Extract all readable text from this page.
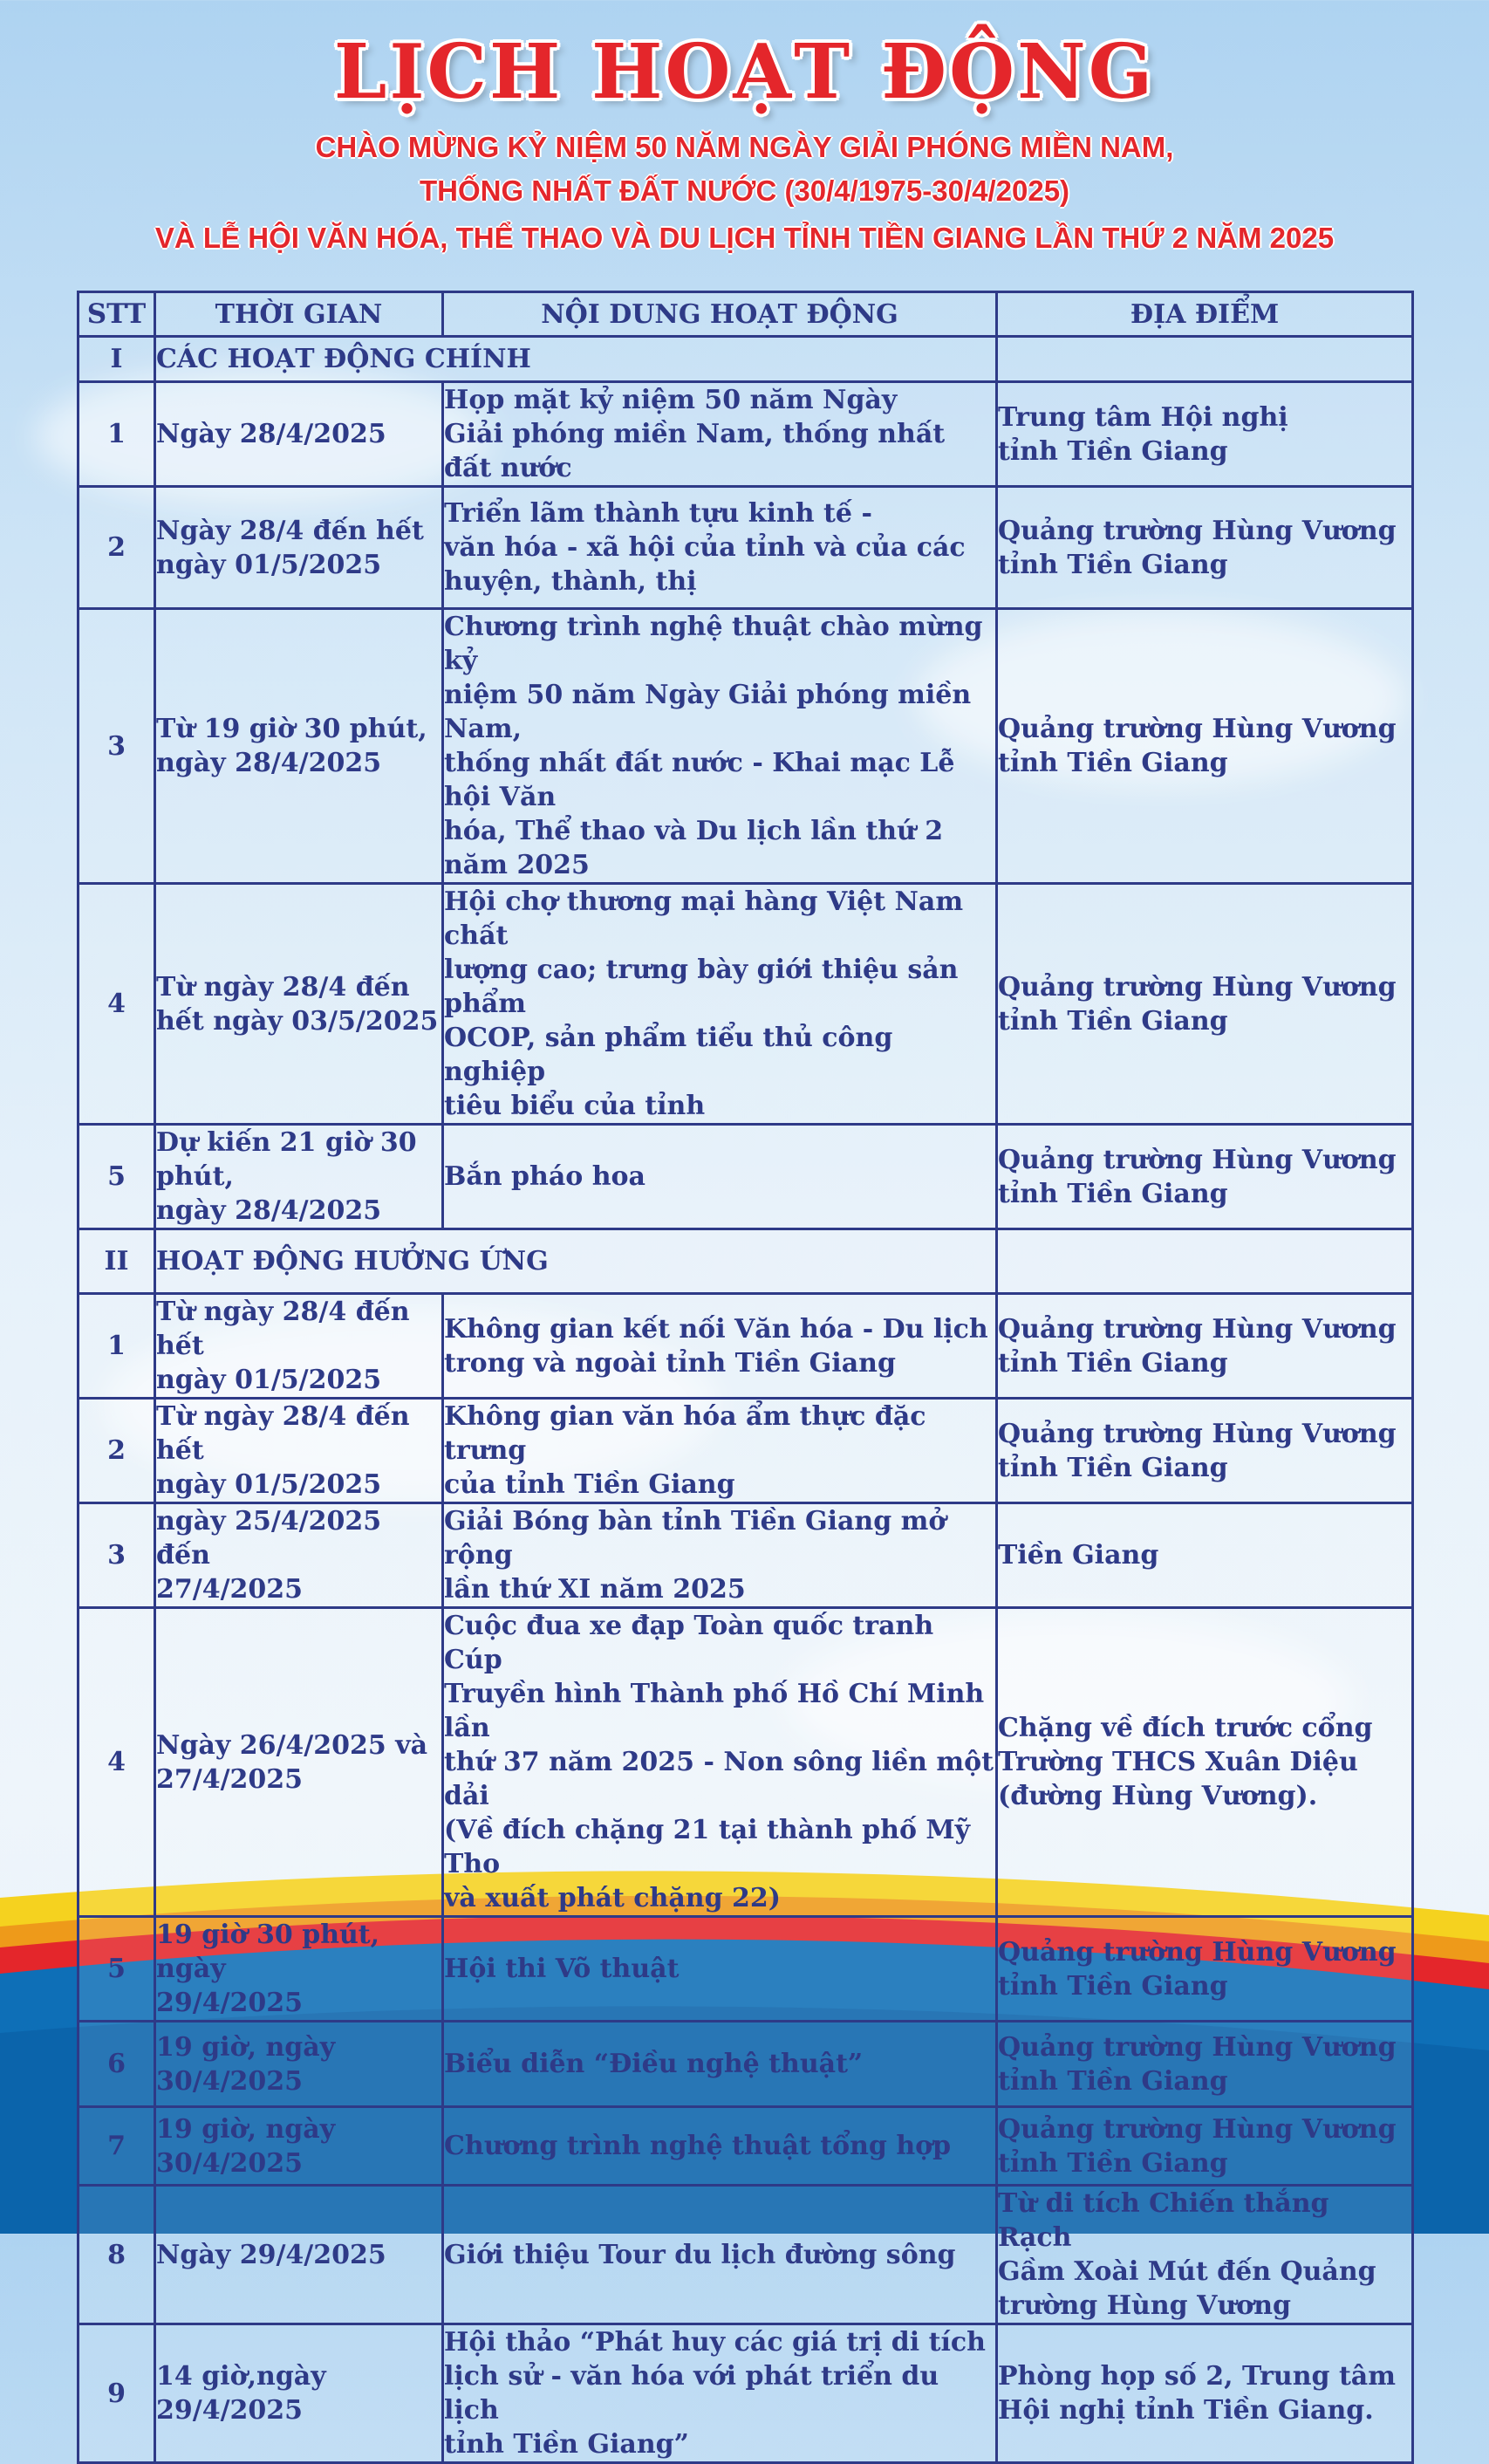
LỊCH HOẠT ĐỘNG
CHÀO MỪNG KỶ NIỆM 50 NĂM NGÀY GIẢI PHÓNG MIỀN NAM,
THỐNG NHẤT ĐẤT NƯỚC (30/4/1975-30/4/2025)
VÀ LỄ HỘI VĂN HÓA, THỂ THAO VÀ DU LỊCH TỈNH TIỀN GIANG LẦN THỨ 2 NĂM 2025
STT	THỜI GIAN	NỘI DUNG HOẠT ĐỘNG	ĐỊA ĐIỂM
I	CÁC HOẠT ĐỘNG CHÍNH		
1	Ngày 28/4/2025	Họp mặt kỷ niệm 50 năm Ngày
Giải phóng miền Nam, thống nhất đất nước	Trung tâm Hội nghị
tỉnh Tiền Giang
2	Ngày 28/4 đến hết
ngày 01/5/2025	Triển lãm thành tựu kinh tế -
văn hóa - xã hội của tỉnh và của các
huyện, thành, thị	Quảng trường Hùng Vương
tỉnh Tiền Giang
3	Từ 19 giờ 30 phút,
ngày 28/4/2025	Chương trình nghệ thuật chào mừng kỷ
niệm 50 năm Ngày Giải phóng miền Nam,
thống nhất đất nước - Khai mạc Lễ hội Văn
hóa, Thể thao và Du lịch lần thứ 2 năm 2025	Quảng trường Hùng Vương
tỉnh Tiền Giang
4	Từ ngày 28/4 đến
hết ngày 03/5/2025	Hội chợ thương mại hàng Việt Nam chất
lượng cao; trưng bày giới thiệu sản phẩm
OCOP, sản phẩm tiểu thủ công nghiệp
tiêu biểu của tỉnh	Quảng trường Hùng Vương
tỉnh Tiền Giang
5	Dự kiến 21 giờ 30 phút,
ngày 28/4/2025	Bắn pháo hoa	Quảng trường Hùng Vương
tỉnh Tiền Giang
II	HOẠT ĐỘNG HƯỞNG ỨNG		
1	Từ ngày 28/4 đến hết
ngày 01/5/2025	Không gian kết nối Văn hóa - Du lịch
trong và ngoài tỉnh Tiền Giang	Quảng trường Hùng Vương
tỉnh Tiền Giang
2	Từ ngày 28/4 đến hết
ngày 01/5/2025	Không gian văn hóa ẩm thực đặc trưng
của tỉnh Tiền Giang	Quảng trường Hùng Vương
tỉnh Tiền Giang
3	ngày 25/4/2025 đến
27/4/2025	Giải Bóng bàn tỉnh Tiền Giang mở rộng
lần thứ XI năm 2025	Tiền Giang
4	Ngày 26/4/2025 và
27/4/2025	Cuộc đua xe đạp Toàn quốc tranh Cúp
Truyền hình Thành phố Hồ Chí Minh lần
thứ 37 năm 2025 - Non sông liền một dải
(Về đích chặng 21 tại thành phố Mỹ Tho
và xuất phát chặng 22)	Chặng về đích trước cổng
Trường THCS Xuân Diệu
(đường Hùng Vương).
5	19 giờ 30 phút, ngày
29/4/2025	Hội thi Võ thuật	Quảng trường Hùng Vương
tỉnh Tiền Giang
6	19 giờ, ngày 30/4/2025	Biểu diễn “Điều nghệ thuật”	Quảng trường Hùng Vương
tỉnh Tiền Giang
7	19 giờ, ngày 30/4/2025	Chương trình nghệ thuật tổng hợp	Quảng trường Hùng Vương
tỉnh Tiền Giang
8	Ngày 29/4/2025	Giới thiệu Tour du lịch đường sông	Từ di tích Chiến thắng Rạch
Gầm Xoài Mút đến Quảng
trường Hùng Vương
9	14 giờ,ngày 29/4/2025	Hội thảo “Phát huy các giá trị di tích
lịch sử - văn hóa với phát triển du lịch
tỉnh Tiền Giang”	Phòng họp số 2, Trung tâm
Hội nghị tỉnh Tiền Giang.
